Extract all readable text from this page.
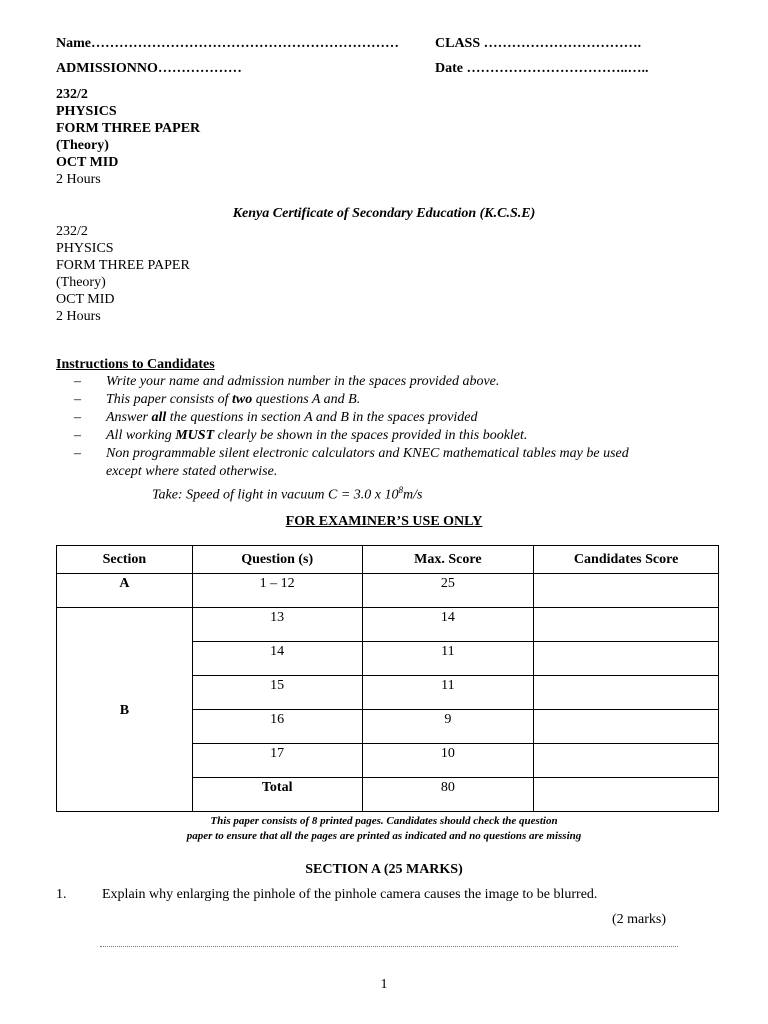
Name…………………………………………………………	CLASS …………………………….
ADMISSIONNO………………	Date ……………………………..…..
232/2
PHYSICS
FORM THREE PAPER
(Theory)
OCT MID
2 Hours
Kenya Certificate of Secondary Education (K.C.S.E)
232/2
PHYSICS
FORM THREE PAPER
(Theory)
OCT MID
2 Hours
Instructions to Candidates
–	Write your name and admission number in the spaces provided above.
–	This paper consists of two questions A and B.
–	Answer all the questions in section A and B in the spaces provided
–	All working MUST clearly be shown in the spaces provided in this booklet.
–	Non programmable silent electronic calculators and KNEC mathematical tables may be used
except where stated otherwise.
Take: Speed of light in vacuum C = 3.0 x $10^8m/s$
FOR EXAMINER’S USE ONLY
Section	Question (s)	Max. Score	Candidates Score
A	1 – 12	25	
B	13	14	
	14	11	
	15	11	
	16	9	
	17	10	
	Total	80	
This paper consists of 8 printed pages. Candidates should check the question
paper to ensure that all the pages are printed as indicated and no questions are missing
SECTION A (25 MARKS)
1.	Explain why enlarging the pinhole of the pinhole camera causes the image to be blurred.
(2 marks)
1
